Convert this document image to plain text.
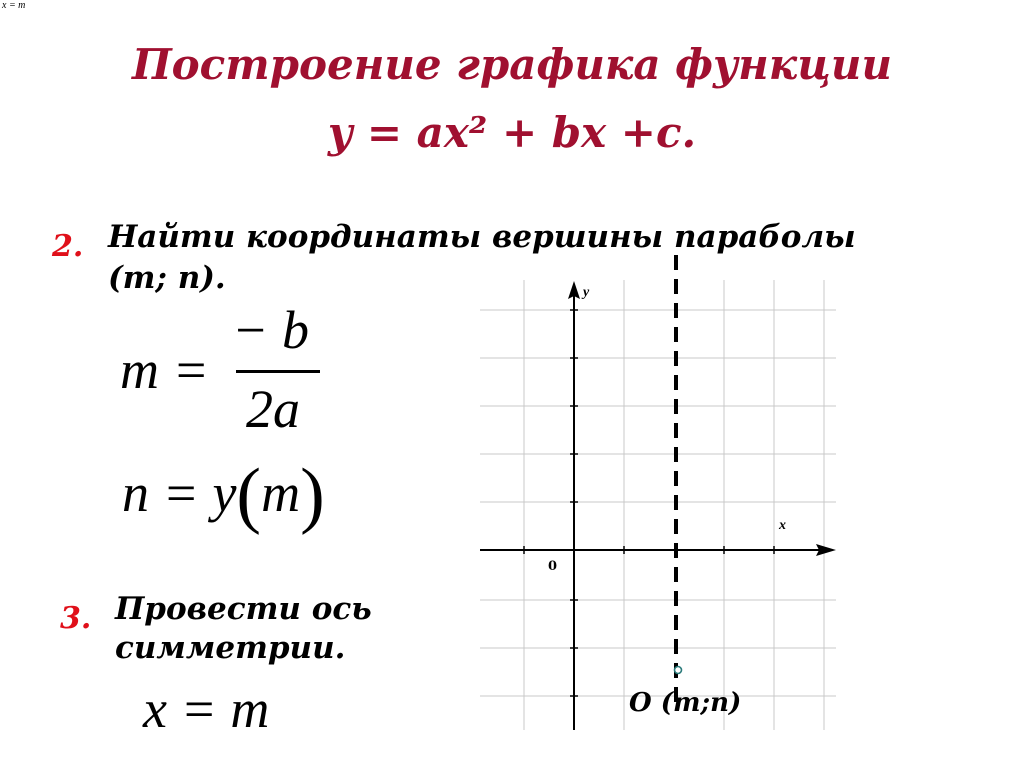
x = m
Построение графика функции
y = ax² + bx +c.
2. Найти координаты вершины параболы
(m; n).
m =
− b
2a
n = y(m)
3. Провести ось
симметрии.
x = m
y
x
0
O (m;n)
